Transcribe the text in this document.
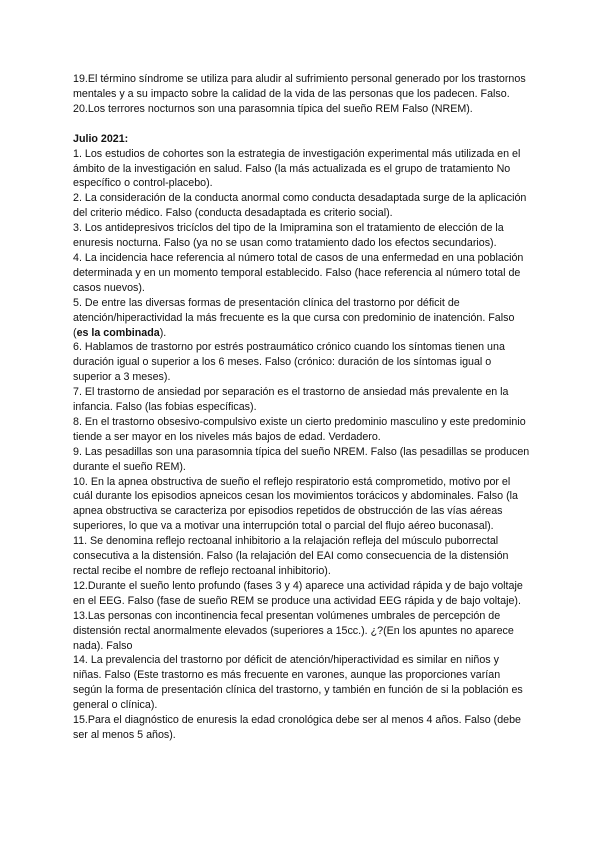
19.El término síndrome se utiliza para aludir al sufrimiento personal generado por los trastornos mentales y a su impacto sobre la calidad de la vida de las personas que los padecen. Falso.

20.Los terrores nocturnos son una parasomnia típica del sueño REM Falso (NREM).

Julio 2021:

1. Los estudios de cohortes son la estrategia de investigación experimental más utilizada en el ámbito de la investigación en salud. Falso (la más actualizada es el grupo de tratamiento No específico o control-placebo).

2. La consideración de la conducta anormal como conducta desadaptada surge de la aplicación del criterio médico. Falso (conducta desadaptada es criterio social).

3. Los antidepresivos tricíclos del tipo de la Imipramina son el tratamiento de elección de la enuresis nocturna. Falso (ya no se usan como tratamiento dado los efectos secundarios).

4. La incidencia hace referencia al número total de casos de una enfermedad en una población determinada y en un momento temporal establecido. Falso (hace referencia al número total de casos nuevos).

5. De entre las diversas formas de presentación clínica del trastorno por déficit de atención/hiperactividad la más frecuente es la que cursa con predominio de inatención. Falso (es la combinada).

6. Hablamos de trastorno por estrés postraumático crónico cuando los síntomas tienen una duración igual o superior a los 6 meses. Falso (crónico: duración de los síntomas igual o superior a 3 meses).

7. El trastorno de ansiedad por separación es el trastorno de ansiedad más prevalente en la infancia. Falso (las fobias específicas).

8. En el trastorno obsesivo-compulsivo existe un cierto predominio masculino y este predominio tiende a ser mayor en los niveles más bajos de edad. Verdadero.

9. Las pesadillas son una parasomnia típica del sueño NREM. Falso (las pesadillas se producen durante el sueño REM).

10. En la apnea obstructiva de sueño el reflejo respiratorio está comprometido, motivo por el cuál durante los episodios apneicos cesan los movimientos torácicos y abdominales. Falso (la apnea obstructiva se caracteriza por episodios repetidos de obstrucción de las vías aéreas superiores, lo que va a motivar una interrupción total o parcial del flujo aéreo buconasal).

11. Se denomina reflejo rectoanal inhibitorio a la relajación refleja del músculo puborrectal consecutiva a la distensión. Falso (la relajación del EAI como consecuencia de la distensión rectal recibe el nombre de reflejo rectoanal inhibitorio).

12.Durante el sueño lento profundo (fases 3 y 4) aparece una actividad rápida y de bajo voltaje en el EEG. Falso (fase de sueño REM se produce una actividad EEG rápida y de bajo voltaje).

13.Las personas con incontinencia fecal presentan volúmenes umbrales de percepción de distensión rectal anormalmente elevados (superiores a 15cc.). ¿?(En los apuntes no aparece nada). Falso

14. La prevalencia del trastorno por déficit de atención/hiperactividad es similar en niños y niñas. Falso (Este trastorno es más frecuente en varones, aunque las proporciones varían según la forma de presentación clínica del trastorno, y también en función de si la población es general o clínica).

15.Para el diagnóstico de enuresis la edad cronológica debe ser al menos 4 años. Falso (debe ser al menos 5 años).
